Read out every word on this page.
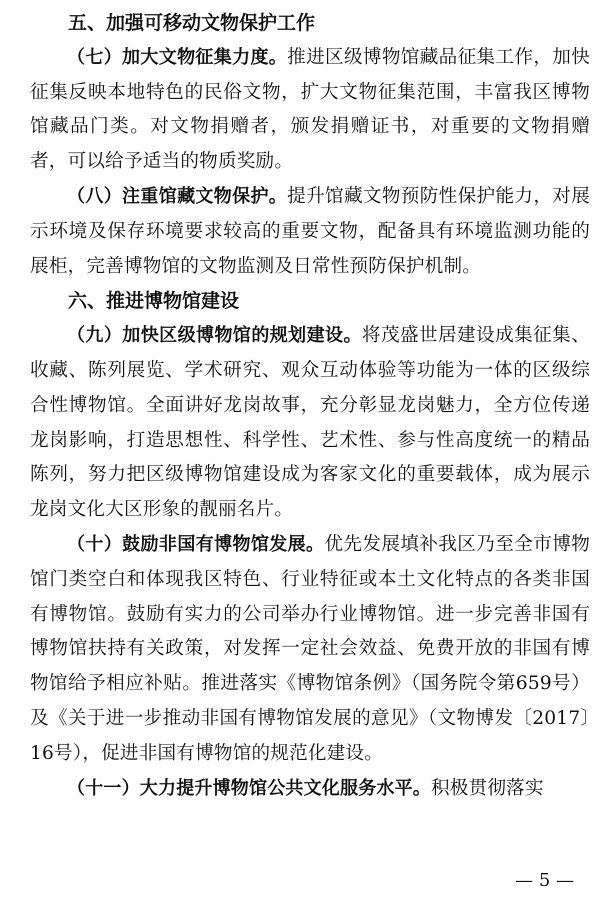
五、加强可移动文物保护工作

（七）加大文物征集力度。推进区级博物馆藏品征集工作，加快征集反映本地特色的民俗文物，扩大文物征集范围，丰富我区博物馆藏品门类。对文物捐赠者，颁发捐赠证书，对重要的文物捐赠者，可以给予适当的物质奖励。

（八）注重馆藏文物保护。提升馆藏文物预防性保护能力，对展示环境及保存环境要求较高的重要文物，配备具有环境监测功能的展柜，完善博物馆的文物监测及日常性预防保护机制。

六、推进博物馆建设

（九）加快区级博物馆的规划建设。将茂盛世居建设成集征集、收藏、陈列展览、学术研究、观众互动体验等功能为一体的区级综合性博物馆。全面讲好龙岗故事，充分彰显龙岗魅力，全方位传递龙岗影响，打造思想性、科学性、艺术性、参与性高度统一的精品陈列，努力把区级博物馆建设成为客家文化的重要载体，成为展示龙岗文化大区形象的靓丽名片。

（十）鼓励非国有博物馆发展。优先发展填补我区乃至全市博物馆门类空白和体现我区特色、行业特征或本土文化特点的各类非国有博物馆。鼓励有实力的公司举办行业博物馆。进一步完善非国有博物馆扶持有关政策，对发挥一定社会效益、免费开放的非国有博物馆给予相应补贴。推进落实《博物馆条例》（国务院令第659号）及《关于进一步推动非国有博物馆发展的意见》（文物博发〔2017〕16号），促进非国有博物馆的规范化建设。

（十一）大力提升博物馆公共文化服务水平。积极贯彻落实

— 5 —
